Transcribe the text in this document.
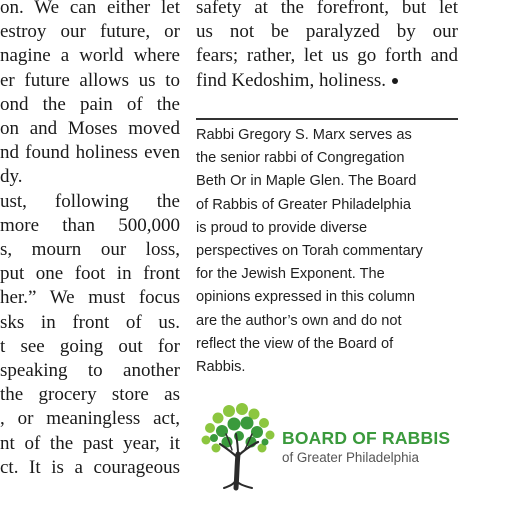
on. We can either let
estroy our future, or
nagine a world where
er future allows us to
ond the pain of the
on and Moses moved
nd found holiness even
dy.
ust, following the
more than 500,000
s, mourn our loss,
put one foot in front
her.” We must focus
sks in front of us.
t see going out for
speaking to another
the grocery store as
, or meaningless act,
nt of the past year, it
ct. It is a courageous
safety at the forefront, but let
us not be paralyzed by our
fears; rather, let us go forth and
find Kedoshim, holiness.
Rabbi Gregory S. Marx serves as
the senior rabbi of Congregation
Beth Or in Maple Glen. The Board
of Rabbis of Greater Philadelphia
is proud to provide diverse
perspectives on Torah commentary
for the Jewish Exponent. The
opinions expressed in this column
are the author’s own and do not
reflect the view of the Board of
Rabbis.
BOARD OF RABBIS
of Greater Philadelphia
